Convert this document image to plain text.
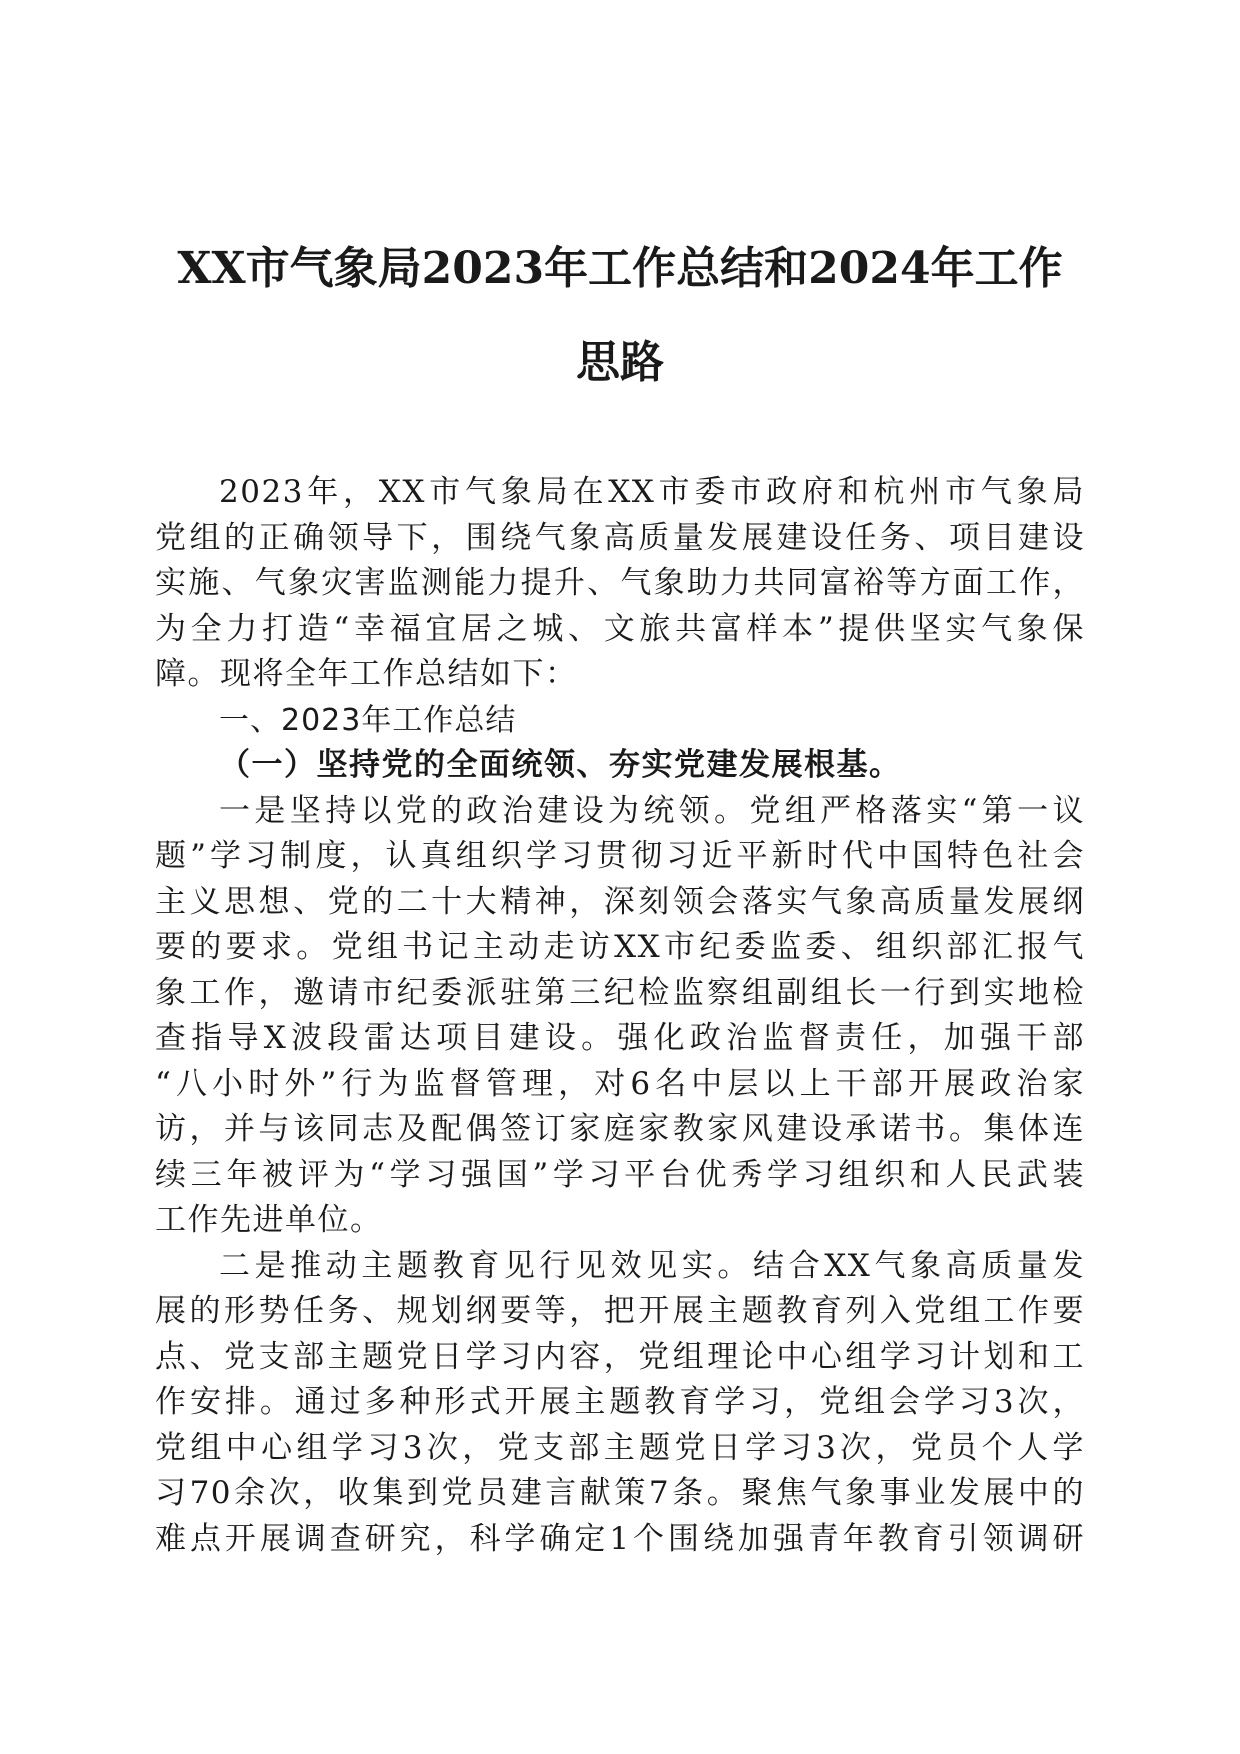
XX市气象局2023年工作总结和2024年工作
思路

2023年，XX市气象局在XX市委市政府和杭州市气象局
党组的正确领导下，围绕气象高质量发展建设任务、项目建设
实施、气象灾害监测能力提升、气象助力共同富裕等方面工作，
为全力打造“幸福宜居之城、文旅共富样本”提供坚实气象保
障。现将全年工作总结如下：

一、2023年工作总结

（一）坚持党的全面统领、夯实党建发展根基。

一是坚持以党的政治建设为统领。党组严格落实“第一议
题”学习制度，认真组织学习贯彻习近平新时代中国特色社会
主义思想、党的二十大精神，深刻领会落实气象高质量发展纲
要的要求。党组书记主动走访XX市纪委监委、组织部汇报气
象工作，邀请市纪委派驻第三纪检监察组副组长一行到实地检
查指导X波段雷达项目建设。强化政治监督责任，加强干部
“八小时外”行为监督管理，对6名中层以上干部开展政治家
访，并与该同志及配偶签订家庭家教家风建设承诺书。集体连
续三年被评为“学习强国”学习平台优秀学习组织和人民武装
工作先进单位。

二是推动主题教育见行见效见实。结合XX气象高质量发
展的形势任务、规划纲要等，把开展主题教育列入党组工作要
点、党支部主题党日学习内容，党组理论中心组学习计划和工
作安排。通过多种形式开展主题教育学习，党组会学习3次，
党组中心组学习3次，党支部主题党日学习3次，党员个人学
习70余次，收集到党员建言献策7条。聚焦气象事业发展中的
难点开展调查研究，科学确定1个围绕加强青年教育引领调研
